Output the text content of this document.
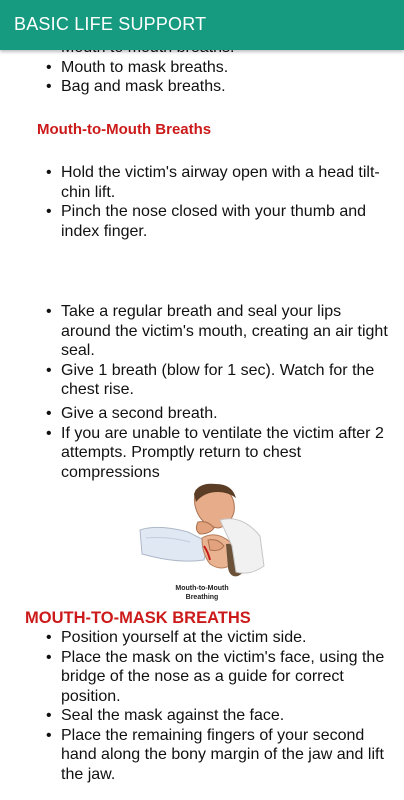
•
• Mouth to mask breaths.
• Bag and mask breaths.
Mouth-to-Mouth Breaths
• Hold the victim's airway open with a head tilt-chin lift.
• Pinch the nose closed with your thumb and index finger.
• Take a regular breath and seal your lips around the victim's mouth, creating an air tight seal.
• Give 1 breath (blow for 1 sec). Watch for the chest rise.
• Give a second breath.
• If you are unable to ventilate the victim after 2 attempts. Promptly return to chest compressions
Mouth-to-Mouth
Breathing
MOUTH-TO-MASK BREATHS
• Position yourself at the victim side.
• Place the mask on the victim's face, using the bridge of the nose as a guide for correct position.
• Seal the mask against the face.
• Place the remaining fingers of your second hand along the bony margin of the jaw and lift the jaw.
BASIC LIFE SUPPORT
